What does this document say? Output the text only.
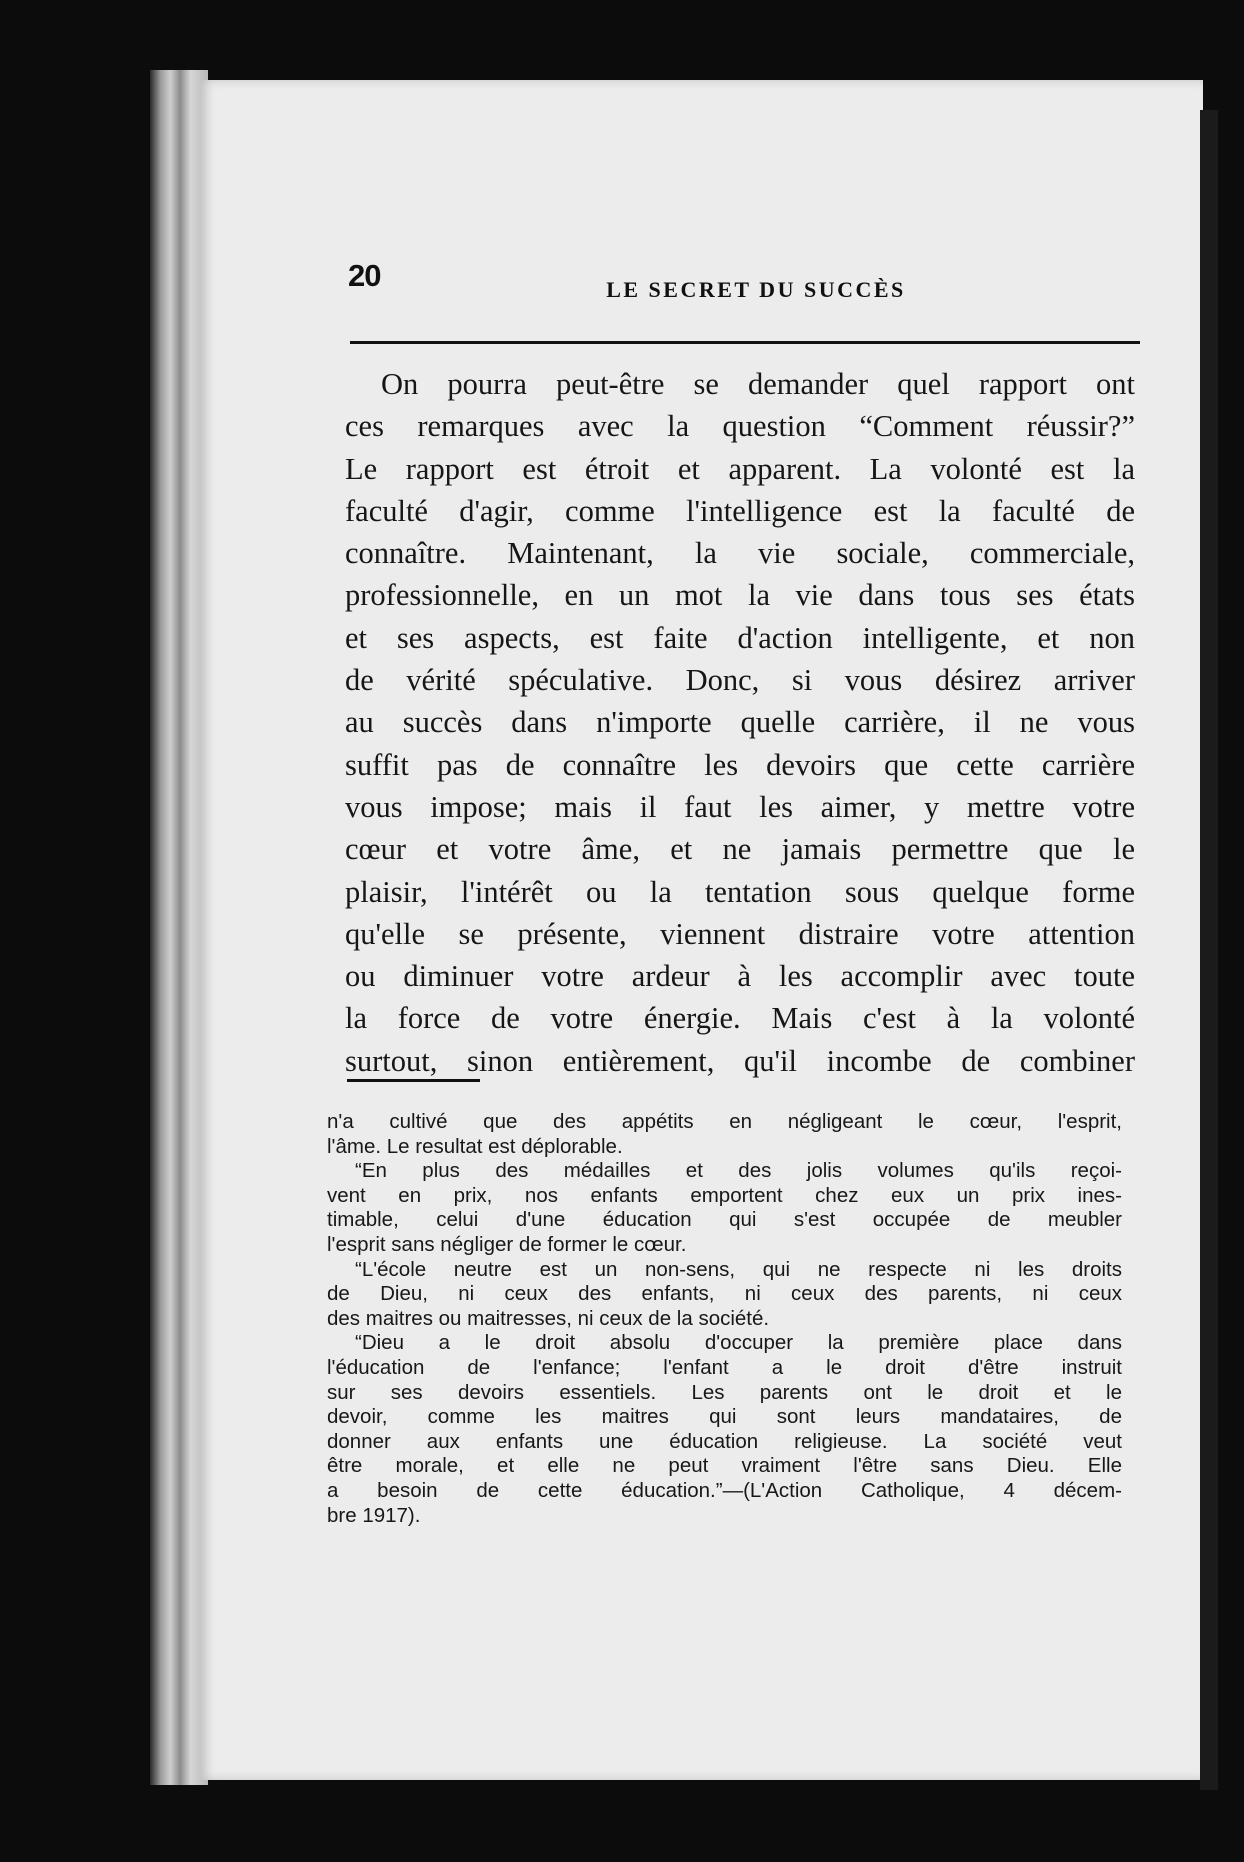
20	LE SECRET DU SUCCÈS
On pourra peut-être se demander quel rapport ont
ces remarques avec la question “Comment réussir?”
Le rapport est étroit et apparent. La volonté est la
faculté d'agir, comme l'intelligence est la faculté de
connaître. Maintenant, la vie sociale, commerciale,
professionnelle, en un mot la vie dans tous ses états
et ses aspects, est faite d'action intelligente, et non
de vérité spéculative. Donc, si vous désirez arriver
au succès dans n'importe quelle carrière, il ne vous
suffit pas de connaître les devoirs que cette carrière
vous impose; mais il faut les aimer, y mettre votre
cœur et votre âme, et ne jamais permettre que le
plaisir, l'intérêt ou la tentation sous quelque forme
qu'elle se présente, viennent distraire votre attention
ou diminuer votre ardeur à les accomplir avec toute
la force de votre énergie. Mais c'est à la volonté
surtout, sinon entièrement, qu'il incombe de combiner
n'a cultivé que des appétits en négligeant le cœur, l'esprit,
l'âme. Le resultat est déplorable.
“En plus des médailles et des jolis volumes qu'ils reçoi-
vent en prix, nos enfants emportent chez eux un prix ines-
timable, celui d'une éducation qui s'est occupée de meubler
l'esprit sans négliger de former le cœur.
“L'école neutre est un non-sens, qui ne respecte ni les droits
de Dieu, ni ceux des enfants, ni ceux des parents, ni ceux
des maitres ou maitresses, ni ceux de la société.
“Dieu a le droit absolu d'occuper la première place dans
l'éducation de l'enfance; l'enfant a le droit d'être instruit
sur ses devoirs essentiels. Les parents ont le droit et le
devoir, comme les maitres qui sont leurs mandataires, de
donner aux enfants une éducation religieuse. La société veut
être morale, et elle ne peut vraiment l'être sans Dieu. Elle
a besoin de cette éducation.”—(L'Action Catholique, 4 décem-
bre 1917).
